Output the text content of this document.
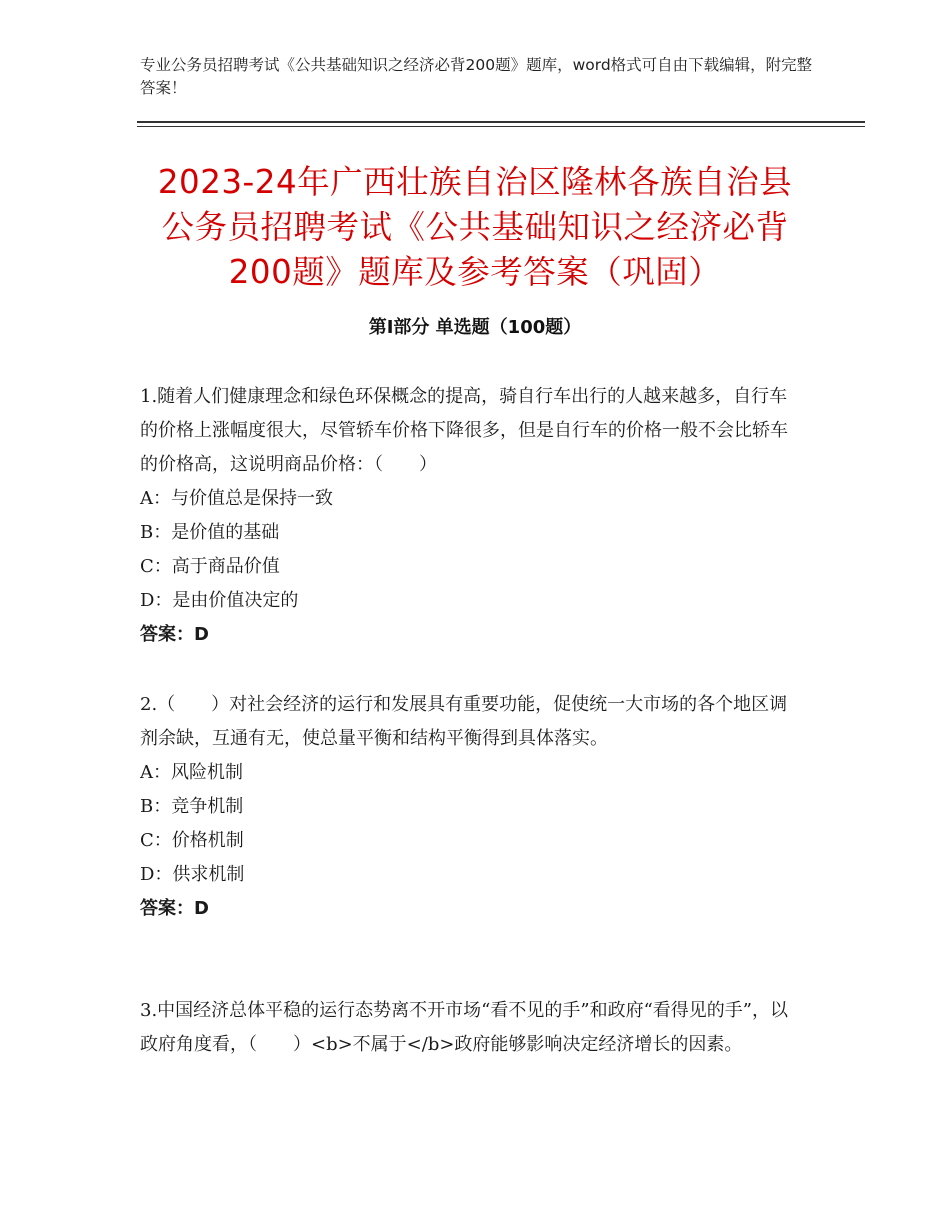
专业公务员招聘考试《公共基础知识之经济必背200题》题库，word格式可自由下载编辑，附完整答案！
2023-24年广西壮族自治区隆林各族自治县
公务员招聘考试《公共基础知识之经济必背
200题》题库及参考答案（巩固）
第Ⅰ部分 单选题（100题）

1.随着人们健康理念和绿色环保概念的提高，骑自行车出行的人越来越多，自行车的价格上涨幅度很大，尽管轿车价格下降很多，但是自行车的价格一般不会比轿车的价格高，这说明商品价格：（　　）

A：与价值总是保持一致

B：是价值的基础

C：高于商品价值

D：是由价值决定的

答案：D

2.（　　）对社会经济的运行和发展具有重要功能，促使统一大市场的各个地区调剂余缺，互通有无，使总量平衡和结构平衡得到具体落实。

A：风险机制

B：竞争机制

C：价格机制

D：供求机制

答案：D

3.中国经济总体平稳的运行态势离不开市场“看不见的手”和政府“看得见的手”，以政府角度看，（　　）<b>不属于</b>政府能够影响决定经济增长的因素。
